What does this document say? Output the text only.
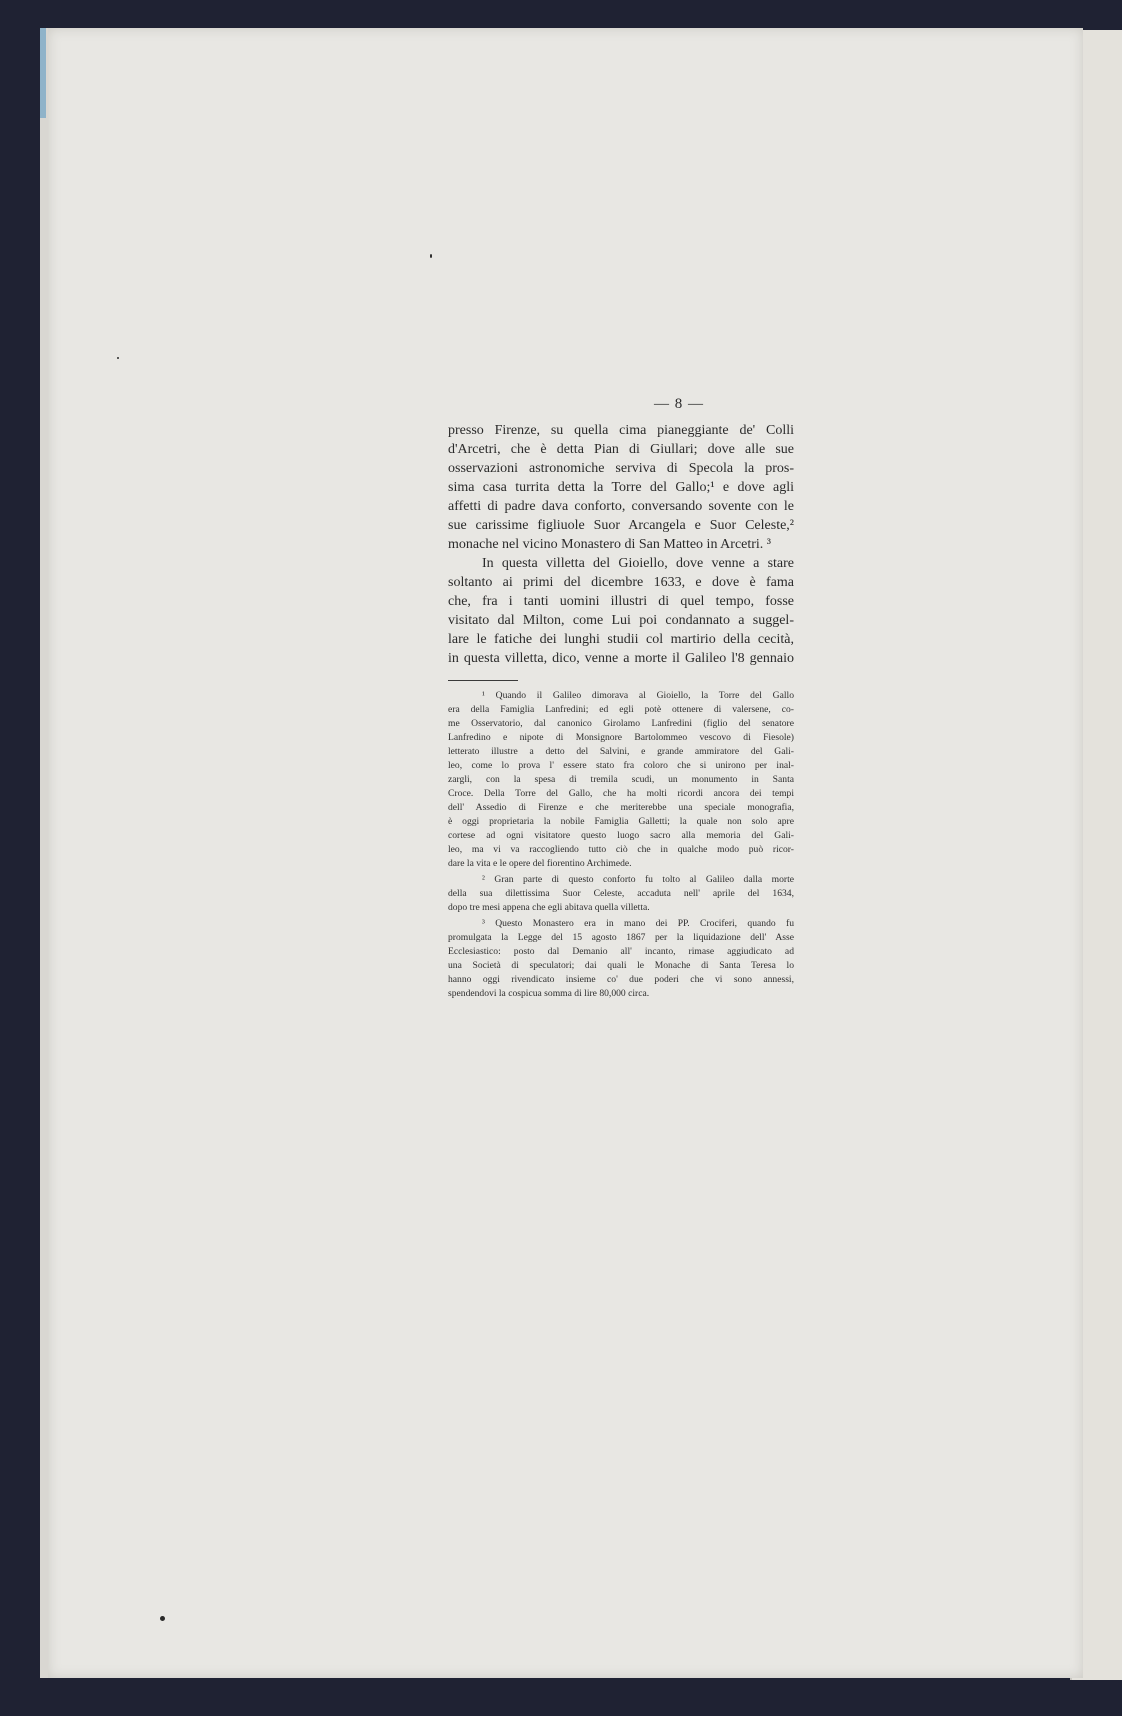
— 8 —
presso Firenze, su quella cima pianeggiante de' Colli
d'Arcetri, che è detta Pian di Giullari; dove alle sue
osservazioni astronomiche serviva di Specola la pros-
sima casa turrita detta la Torre del Gallo;¹ e dove agli
affetti di padre dava conforto, conversando sovente con le
sue carissime figliuole Suor Arcangela e Suor Celeste,²
monache nel vicino Monastero di San Matteo in Arcetri. ³
In questa villetta del Gioiello, dove venne a stare
soltanto ai primi del dicembre 1633, e dove è fama
che, fra i tanti uomini illustri di quel tempo, fosse
visitato dal Milton, come Lui poi condannato a suggel-
lare le fatiche dei lunghi studii col martirio della cecità,
in questa villetta, dico, venne a morte il Galileo l'8 gennaio
¹ Quando il Galileo dimorava al Gioiello, la Torre del Gallo
era della Famiglia Lanfredini; ed egli potè ottenere di valersene, co-
me Osservatorio, dal canonico Girolamo Lanfredini (figlio del senatore
Lanfredino e nipote di Monsignore Bartolommeo vescovo di Fiesole)
letterato illustre a detto del Salvini, e grande ammiratore del Gali-
leo, come lo prova l' essere stato fra coloro che si unirono per inal-
zargli, con la spesa di tremila scudi, un monumento in Santa
Croce. Della Torre del Gallo, che ha molti ricordi ancora dei tempi
dell' Assedio di Firenze e che meriterebbe una speciale monografia,
è oggi proprietaria la nobile Famiglia Galletti; la quale non solo apre
cortese ad ogni visitatore questo luogo sacro alla memoria del Gali-
leo, ma vi va raccogliendo tutto ciò che in qualche modo può ricor-
dare la vita e le opere del fiorentino Archimede.
² Gran parte di questo conforto fu tolto al Galileo dalla morte
della sua dilettissima Suor Celeste, accaduta nell' aprile del 1634,
dopo tre mesi appena che egli abitava quella villetta.
³ Questo Monastero era in mano dei PP. Crociferi, quando fu
promulgata la Legge del 15 agosto 1867 per la liquidazione dell' Asse
Ecclesiastico: posto dal Demanio all' incanto, rimase aggiudicato ad
una Società di speculatori; dai quali le Monache di Santa Teresa lo
hanno oggi rivendicato insieme co' due poderi che vi sono annessi,
spendendovi la cospicua somma di lire 80,000 circa.
